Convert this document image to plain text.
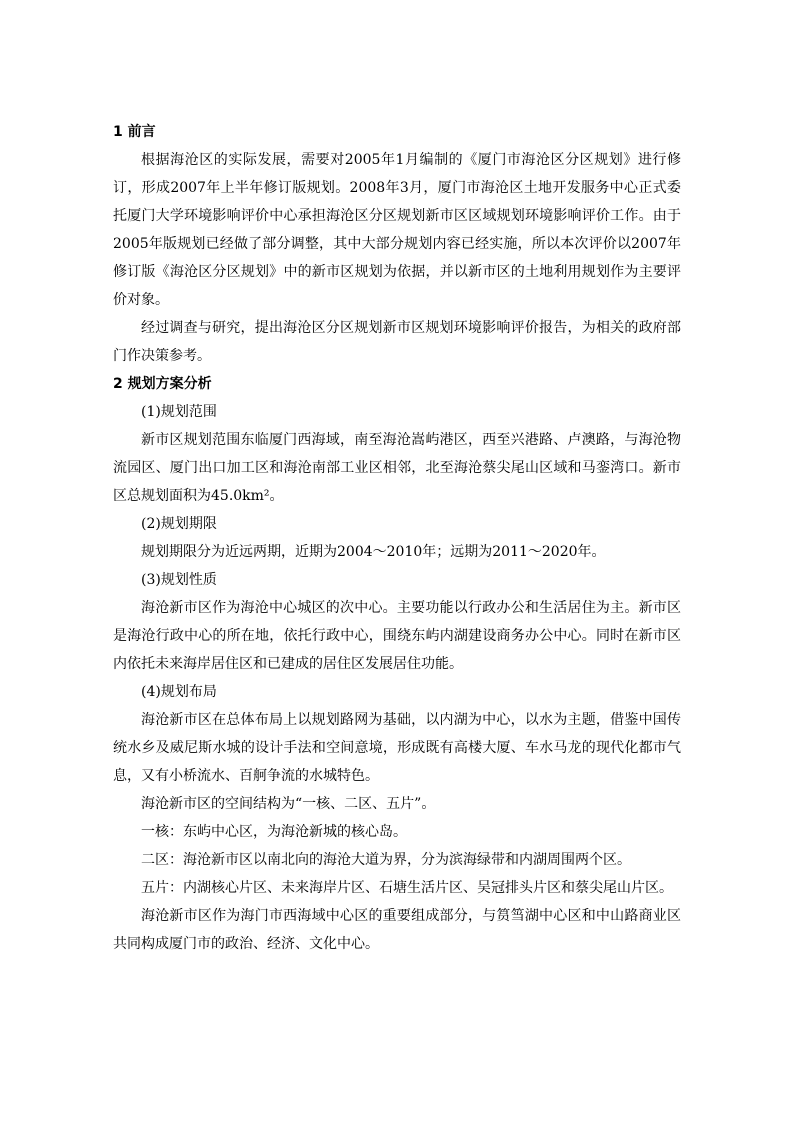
1 前言

根据海沧区的实际发展，需要对2005年1月编制的《厦门市海沧区分区规划》进行修订，形成2007年上半年修订版规划。2008年3月，厦门市海沧区土地开发服务中心正式委托厦门大学环境影响评价中心承担海沧区分区规划新市区区域规划环境影响评价工作。由于2005年版规划已经做了部分调整，其中大部分规划内容已经实施，所以本次评价以2007年修订版《海沧区分区规划》中的新市区规划为依据，并以新市区的土地利用规划作为主要评价对象。

经过调查与研究，提出海沧区分区规划新市区规划环境影响评价报告，为相关的政府部门作决策参考。

2 规划方案分析

(1)规划范围

新市区规划范围东临厦门西海域，南至海沧嵩屿港区，西至兴港路、卢澳路，与海沧物流园区、厦门出口加工区和海沧南部工业区相邻，北至海沧蔡尖尾山区域和马銮湾口。新市区总规划面积为45.0km²。

(2)规划期限

规划期限分为近远两期，近期为2004～2010年；远期为2011～2020年。

(3)规划性质

海沧新市区作为海沧中心城区的次中心。主要功能以行政办公和生活居住为主。新市区是海沧行政中心的所在地，依托行政中心，围绕东屿内湖建设商务办公中心。同时在新市区内依托未来海岸居住区和已建成的居住区发展居住功能。

(4)规划布局

海沧新市区在总体布局上以规划路网为基础，以内湖为中心，以水为主题，借鉴中国传统水乡及威尼斯水城的设计手法和空间意境，形成既有高楼大厦、车水马龙的现代化都市气息，又有小桥流水、百舸争流的水城特色。

海沧新市区的空间结构为“一核、二区、五片”。

一核：东屿中心区，为海沧新城的核心岛。

二区：海沧新市区以南北向的海沧大道为界，分为滨海绿带和内湖周围两个区。

五片：内湖核心片区、未来海岸片区、石塘生活片区、吴冠排头片区和蔡尖尾山片区。

海沧新市区作为海门市西海域中心区的重要组成部分，与筼筜湖中心区和中山路商业区共同构成厦门市的政治、经济、文化中心。
